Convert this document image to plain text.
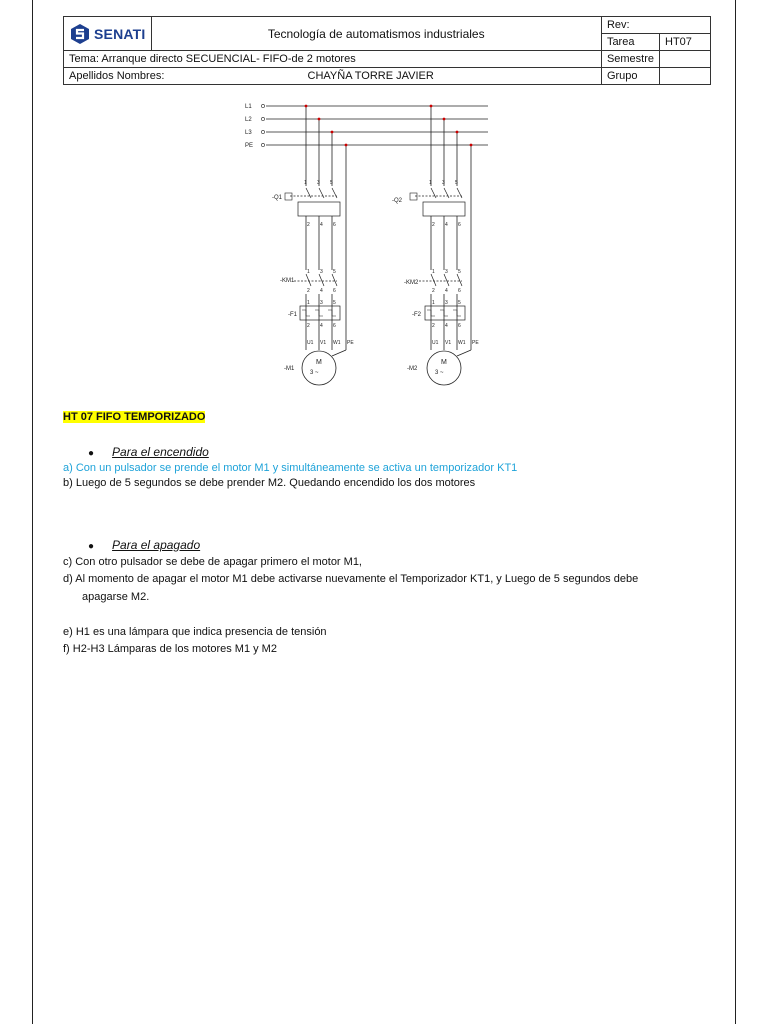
SENATI	Tecnología de automatismos industriales	Rev:	
		Tarea	HT07
Tema: Arranque directo SECUENCIAL- FIFO-de 2 motores		Semestre	
Apellidos Nombres: CHAYÑA TORRE JAVIER		Grupo	
L1
L2
L3
PE
-Q1
-KM1
-F1
M
3 ~
-M1
1 3 5
2 4 6
1 3 5
2 4 6
1 3 5
2 4 6
U1 V1 W1 PE
-Q2
-KM2
-F2
M
3 ~
-M2
1 3 5
2 4 6
1 3 5
2 4 6
1 3 5
2 4 6
U1 V1 W1 PE
HT 07 FIFO TEMPORIZADO
● Para el encendido
a) Con un pulsador se prende el motor M1 y simultáneamente se activa un temporizador KT1
b) Luego de 5 segundos se debe prender M2. Quedando encendido los dos motores
● Para el apagado
c) Con otro pulsador se debe de apagar primero el motor M1,
d) Al momento de apagar el motor M1 debe activarse nuevamente el Temporizador KT1, y Luego de 5 segundos debe
apagarse M2.
e) H1 es una lámpara que indica presencia de tensión
f) H2-H3 Lámparas de los motores M1 y M2
